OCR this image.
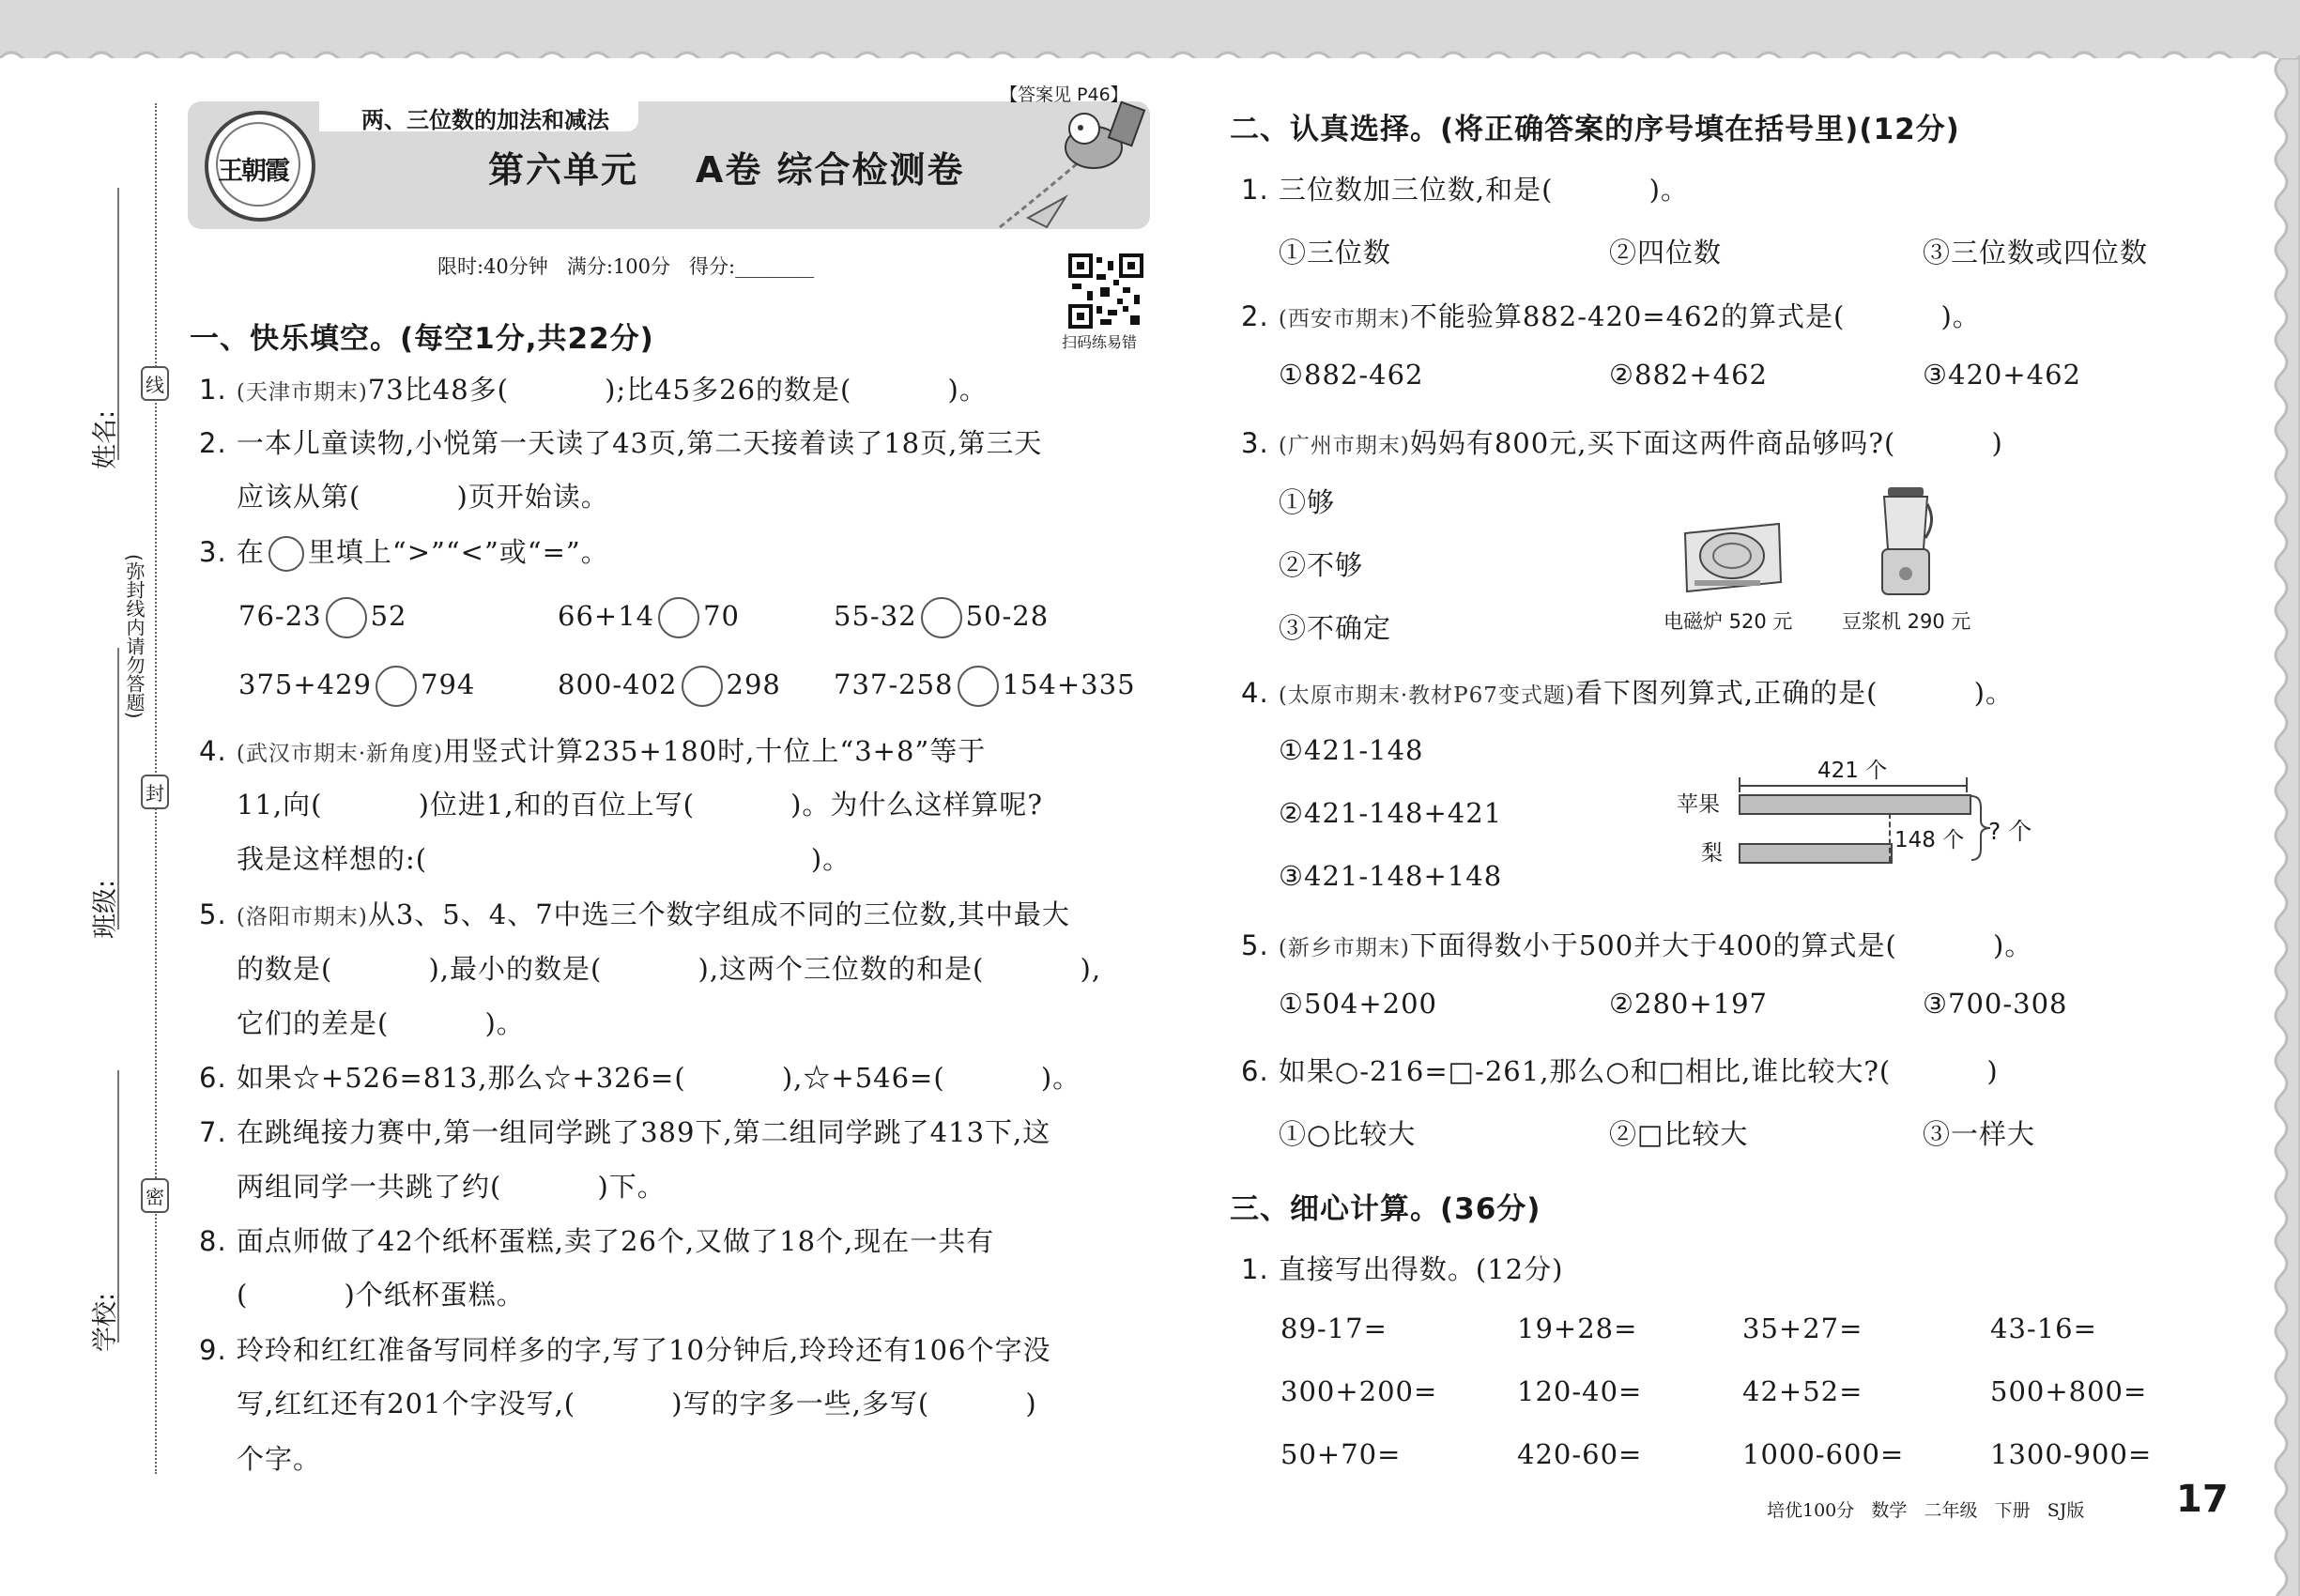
姓名:
班级:
学校:
线
封
密
(弥封线内请勿答题)
两、三位数的加法和减法
【答案见 P46】
第六单元    A卷 综合检测卷
王朝霞
限时:40分钟   满分:100分   得分:________
扫码练易错
一、快乐填空。(每空1分,共22分)
1. (天津市期末)73比48多(          );比45多26的数是(          )。
2. 一本儿童读物,小悦第一天读了43页,第二天接着读了18页,第三天
应该从第(          )页开始读。
3. 在 里填上“>”“<”或“=”。
76-23 52	66+14 70	55-32 50-28
375+429 794	800-402 298 737-258 154+335
4. (武汉市期末·新角度)用竖式计算235+180时,十位上“3+8”等于
11,向(          )位进1,和的百位上写(          )。为什么这样算呢?
我是这样想的:(                                        )。
5. (洛阳市期末)从3、5、4、7中选三个数字组成不同的三位数,其中最大
的数是(          ),最小的数是(          ),这两个三位数的和是(          ),
它们的差是(          )。
6. 如果☆+526=813,那么☆+326=(          ),☆+546=(          )。
7. 在跳绳接力赛中,第一组同学跳了389下,第二组同学跳了413下,这
两组同学一共跳了约(          )下。
8. 面点师做了42个纸杯蛋糕,卖了26个,又做了18个,现在一共有
(          )个纸杯蛋糕。
9. 玲玲和红红准备写同样多的字,写了10分钟后,玲玲还有106个字没
写,红红还有201个字没写,(          )写的字多一些,多写(          )
个字。
二、认真选择。(将正确答案的序号填在括号里)(12分)
1. 三位数加三位数,和是(          )。
①三位数	②四位数	③三位数或四位数
2. (西安市期末)不能验算882-420=462的算式是(          )。
①882-462	②882+462	③420+462
3. (广州市期末)妈妈有800元,买下面这两件商品够吗?(          )
①够
②不够
③不确定	电磁炉 520 元	豆浆机 290 元
4. (太原市期末·教材P67变式题)看下图列算式,正确的是(          )。
①421-148
②421-148+421
③421-148+148
421 个
苹果
梨
148 个 ? 个
5. (新乡市期末)下面得数小于500并大于400的算式是(          )。
①504+200	②280+197	③700-308
6. 如果○-216=□-261,那么○和□相比,谁比较大?(          )
①○比较大	②□比较大	③一样大
三、细心计算。(36分)
1. 直接写出得数。(12分)
89-17=	19+28=	35+27=	43-16=
300+200=	120-40=	42+52=	500+800=
50+70=	420-60=	1000-600=	1300-900=
培优100分   数学   二年级   下册   SJ版 17
